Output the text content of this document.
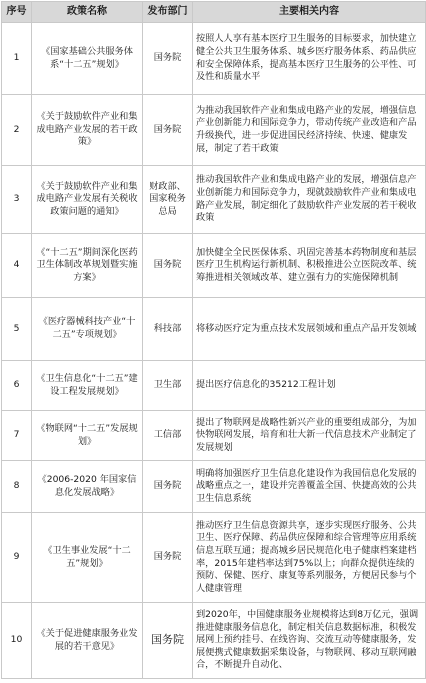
序号	政策名称	发布部门	主要相关内容
1	《国家基础公共服务体系“十二五”规划》	国务院	按照人人享有基本医疗卫生服务的目标要求，加快建立健全公共卫生服务体系、城乡医疗服务体系、药品供应和安全保障体系，提高基本医疗卫生服务的公平性、可及性和质量水平
2	《关于鼓励软件产业和集成电路产业发展的若干政策》	国务院	为推动我国软件产业和集成电路产业的发展，增强信息产业创新能力和国际竞争力，带动传统产业改造和产品升级换代，进一步促进国民经济持续、快速、健康发展，制定了若干政策
3	《关于鼓励软件产业和集成电路产业发展有关税收政策问题的通知》	财政部、国家税务总局	推动我国软件产业和集成电路产业的发展，增强信息产业创新能力和国际竞争力，现就鼓励软件产业和集成电路产业发展，制定细化了鼓励软件产业发展的若干税收政策
4	《“十二五”期间深化医药卫生体制改革规划暨实施方案》	国务院	加快健全全民医保体系、巩固完善基本药物制度和基层医疗卫生机构运行新机制、积极推进公立医院改革、统筹推进相关领域改革、建立强有力的实施保障机制
5	《医疗器械科技产业“十二五”专项规划》	科技部	将移动医疗定为重点技术发展领域和重点产品开发领域
6	《卫生信息化“十二五”建设工程发展规划》	卫生部	提出医疗信息化的35212工程计划
7	《物联网“十二五”发展规划》	工信部	提出了物联网是战略性新兴产业的重要组成部分，为加快物联网发展，培育和壮大新一代信息技术产业制定了发展规划
8	《2006-2020 年国家信息化发展战略》	国务院	明确将加强医疗卫生信息化建设作为我国信息化发展的战略重点之一，建设并完善覆盖全国、快捷高效的公共卫生信息系统
9	《卫生事业发展“十二五”规划》	国务院	推动医疗卫生信息资源共享，逐步实现医疗服务、公共卫生、医疗保障、药品供应保障和综合管理等应用系统信息互联互通；提高城乡居民规范化电子健康档案建档率，2015年建档率达到75%以上；向群众提供连续的预防、保健、医疗、康复等系列服务，方便居民参与个人健康管理
10	《关于促进健康服务业发展的若干意见》	国务院	到2020年，中国健康服务业规模将达到8万亿元，强调推进健康服务信息化，制定相关信息数据标准，积极发展网上预约挂号、在线咨询、交流互动等健康服务，发展便携式健康数据采集设备，与物联网、移动互联网融合，不断提升自动化、
